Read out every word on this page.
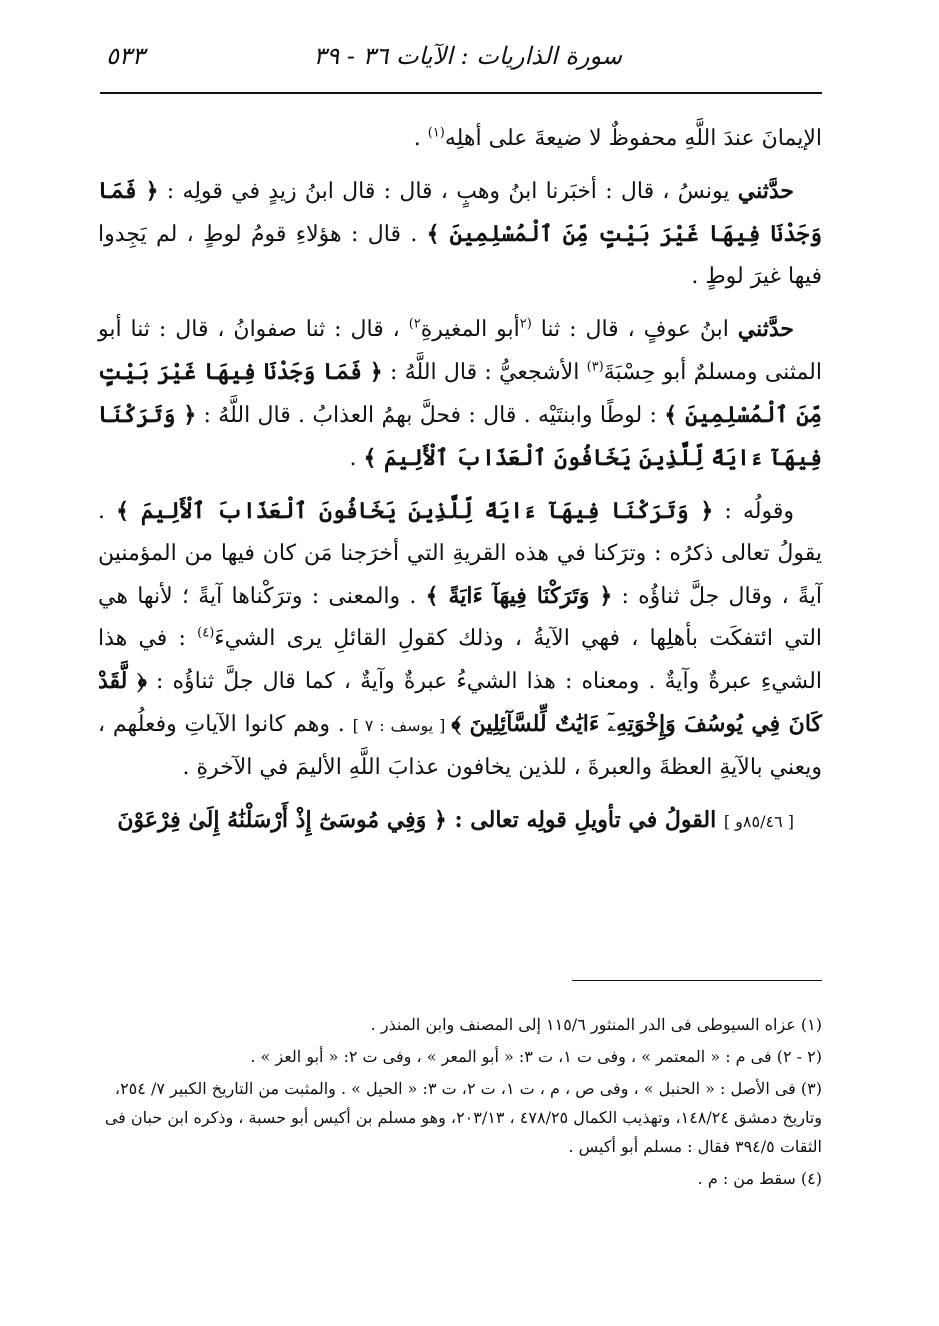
سورة الذاريات : الآيات ٣٦ - ٣٩
٥٣٣

الإيمانَ عندَ اللَّهِ محفوظٌ لا ضيعةَ على أهلِه$^{(١)}$ .

حدَّثني يونسُ ، قال : أخبَرنا ابنُ وهبٍ ، قال : قال ابنُ زيدٍ في قولِه : ﴿ فَمَا وَجَدْنَا فِيهَا غَيْرَ بَيْتٍ مِّنَ ٱلْمُسْلِمِينَ ﴾ . قال : هؤلاءِ قومُ لوطٍ ، لم يَجِدوا فيها غيرَ لوطٍ .

حدَّثني ابنُ عوفٍ ، قال : ثنا $^{(٢}$أبو المغيرةِ$^{٢)}$ ، قال : ثنا صفوانُ ، قال : ثنا أبو المثنى ومسلمٌ أبو حِسْبَةَ$^{(٣)}$ الأشجعيُّ : قال اللَّهُ : ﴿ فَمَا وَجَدْنَا فِيهَا غَيْرَ بَيْتٍ مِّنَ ٱلْمُسْلِمِينَ ﴾ : لوطًا وابنتَيْه . قال : فحلَّ بهمُ العذابُ . قال اللَّهُ : ﴿ وَتَرَكْنَا فِيهَآ ءَايَةً لِّلَّذِينَ يَخَافُونَ ٱلْعَذَابَ ٱلْأَلِيمَ ﴾ .

وقولُه : ﴿ وَتَرَكْنَا فِيهَآ ءَايَةً لِّلَّذِينَ يَخَافُونَ ٱلْعَذَابَ ٱلْأَلِيمَ ﴾ . يقولُ تعالى ذكرُه : وترَكنا في هذه القريةِ التي أخرَجنا مَن كان فيها من المؤمنين آيةً ، وقال جلَّ ثناؤُه : ﴿ وَتَرَكْنَا فِيهَآ ءَايَةً ﴾ . والمعنى : وترَكْناها آيةً ؛ لأنها هي التي ائتفكَت بأهلِها ، فهي الآيةُ ، وذلك كقولِ القائلِ يرى الشيءَ$^{(٤)}$ : في هذا الشيءِ عبرةٌ وآيةٌ . ومعناه : هذا الشيءُ عبرةٌ وآيةٌ ، كما قال جلَّ ثناؤُه : ﴿ لَّقَدْ كَانَ فِي يُوسُفَ وَإِخْوَتِهِۦٓ ءَايَٰتٌ لِّلسَّآئِلِينَ ﴾ [ يوسف : ٧ ] . وهم كانوا الآياتِ وفعلُهم ، ويعني بالآيةِ العظةَ والعبرةَ ، للذين يخافون عذابَ اللَّهِ الأليمَ في الآخرةِ .

[ ٨٥/٤٦و ] القولُ في تأويلِ قولِه تعالى : ﴿ وَفِي مُوسَىٰٓ إِذْ أَرْسَلْنَٰهُ إِلَىٰ فِرْعَوْنَ

(١) عزاه السيوطى فى الدر المنثور ١١٥/٦ إلى المصنف وابن المنذر .

(٢ - ٢) فى م : « المعتمر » ، وفى ت ١، ت ٣: « أبو المعر » ، وفى ت ٢: « أبو العز » .

(٣) فى الأصل : « الحنبل » ، وفى ص ، م ، ت ١، ت ٢، ت ٣: « الحيل » . والمثبت من التاريخ الكبير ٧/ ٢٥٤، وتاريخ دمشق ١٤٨/٢٤، وتهذيب الكمال ٤٧٨/٢٥ ، ٢٠٣/١٣، وهو مسلم بن أكيس أبو حسبة ، وذكره ابن حبان فى الثقات ٣٩٤/٥ فقال : مسلم أبو أكيس .

(٤) سقط من : م .
